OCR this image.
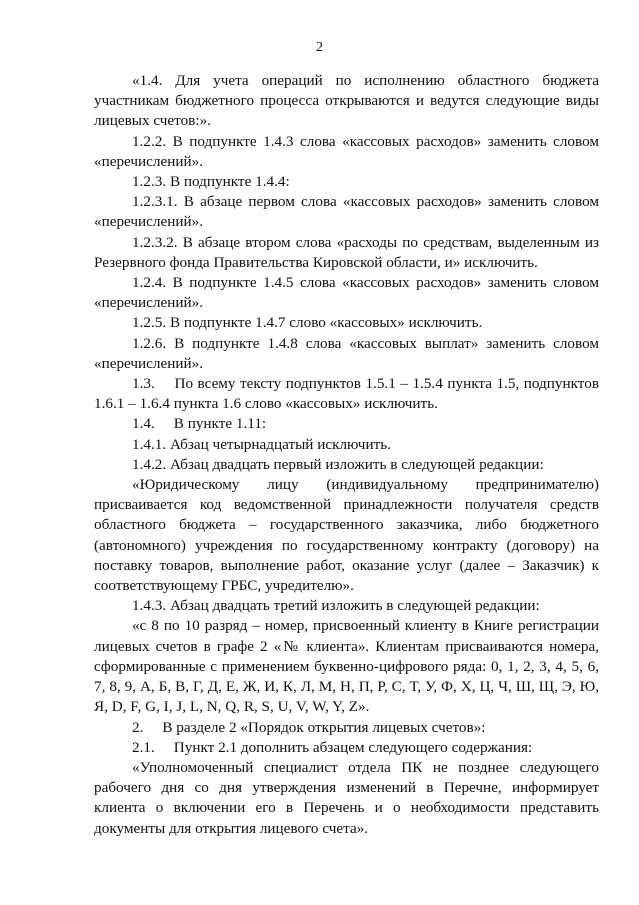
2

«1.4. Для учета операций по исполнению областного бюджета участникам бюджетного процесса открываются и ведутся следующие виды лицевых счетов:».

1.2.2. В подпункте 1.4.3 слова «кассовых расходов» заменить словом «перечислений».

1.2.3. В подпункте 1.4.4:

1.2.3.1. В абзаце первом слова «кассовых расходов» заменить словом «перечислений».

1.2.3.2. В абзаце втором слова «расходы по средствам, выделенным из Резервного фонда Правительства Кировской области, и» исключить.

1.2.4. В подпункте 1.4.5 слова «кассовых расходов» заменить словом «перечислений».

1.2.5. В подпункте 1.4.7 слово «кассовых» исключить.

1.2.6. В подпункте 1.4.8 слова «кассовых выплат» заменить словом «перечислений».

1.3.  По всему тексту подпунктов 1.5.1 – 1.5.4 пункта 1.5, подпунктов 1.6.1 – 1.6.4 пункта 1.6 слово «кассовых» исключить.

1.4.  В пункте 1.11:

1.4.1. Абзац четырнадцатый исключить.

1.4.2. Абзац двадцать первый изложить в следующей редакции:

«Юридическому лицу (индивидуальному предпринимателю) присваивается код ведомственной принадлежности получателя средств областного бюджета – государственного заказчика, либо бюджетного (автономного) учреждения по государственному контракту (договору) на поставку товаров, выполнение работ, оказание услуг (далее – Заказчик) к соответствующему ГРБС, учредителю».

1.4.3. Абзац двадцать третий изложить в следующей редакции:

«с 8 по 10 разряд – номер, присвоенный клиенту в Книге регистрации лицевых счетов в графе 2 «№ клиента». Клиентам присваиваются номера, сформированные с применением буквенно-цифрового ряда: 0, 1, 2, 3, 4, 5, 6, 7, 8, 9, А, Б, В, Г, Д, Е, Ж, И, К, Л, М, Н, П, Р, С, Т, У, Ф, Х, Ц, Ч, Ш, Щ, Э, Ю, Я, D, F, G, I, J, L, N, Q, R, S, U, V, W, Y, Z».

2.  В разделе 2 «Порядок открытия лицевых счетов»:

2.1.  Пункт 2.1 дополнить абзацем следующего содержания:

«Уполномоченный специалист отдела ПК не позднее следующего рабочего дня со дня утверждения изменений в Перечне, информирует клиента о включении его в Перечень и о необходимости представить документы для открытия лицевого счета».
